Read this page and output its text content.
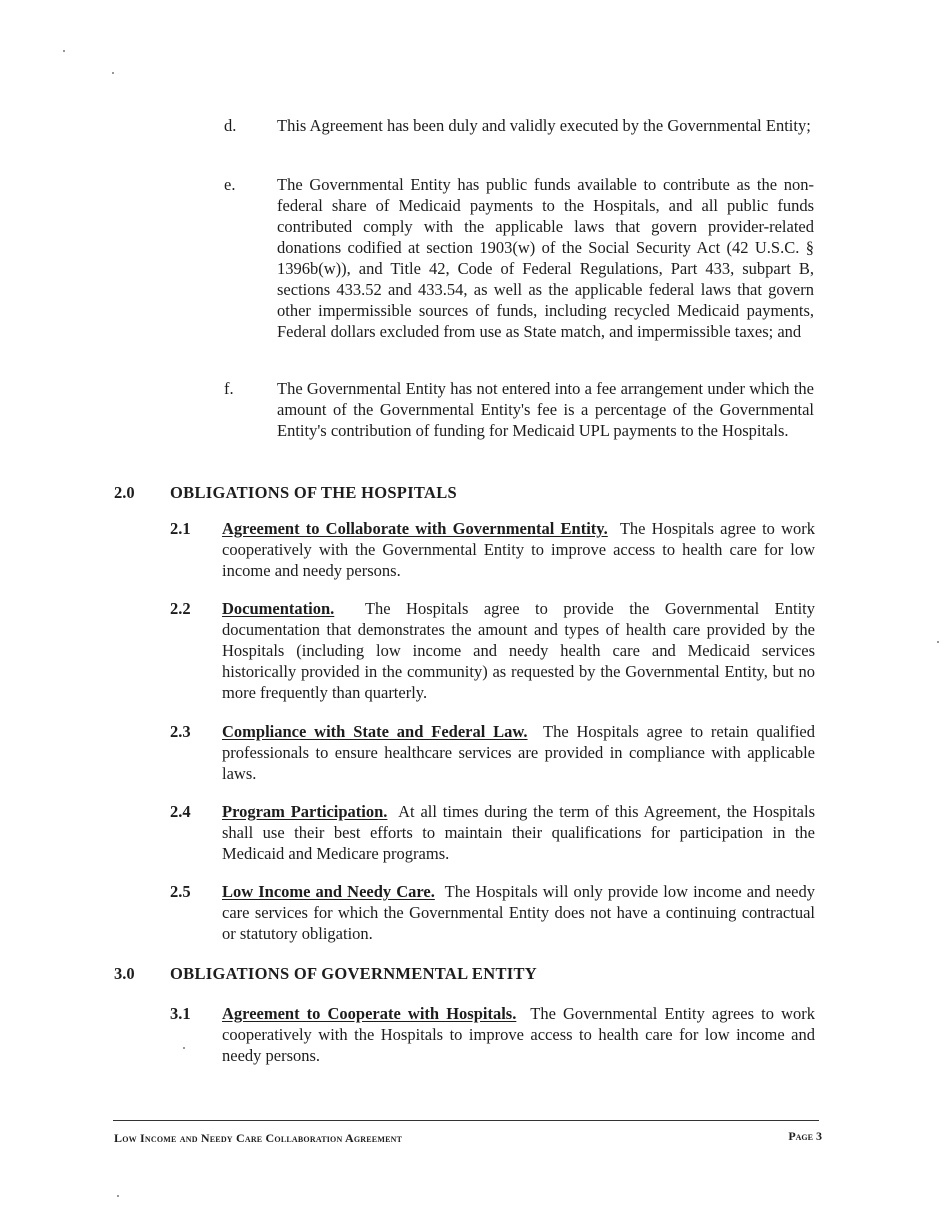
d. This Agreement has been duly and validly executed by the Governmental Entity;
e.	The Governmental Entity has public funds available to contribute as the non-federal share of Medicaid payments to the Hospitals, and all public funds contributed comply with the applicable laws that govern provider-related donations codified at section 1903(w) of the Social Security Act (42 U.S.C. § 1396b(w)), and Title 42, Code of Federal Regulations, Part 433, subpart B, sections 433.52 and 433.54, as well as the applicable federal laws that govern other impermissible sources of funds, including recycled Medicaid payments, Federal dollars excluded from use as State match, and impermissible taxes; and
f.	The Governmental Entity has not entered into a fee arrangement under which the amount of the Governmental Entity's fee is a percentage of the Governmental Entity's contribution of funding for Medicaid UPL payments to the Hospitals.
2.0 OBLIGATIONS OF THE HOSPITALS
2.1 Agreement to Collaborate with Governmental Entity. The Hospitals agree to work cooperatively with the Governmental Entity to improve access to health care for low income and needy persons.
2.2 Documentation. The Hospitals agree to provide the Governmental Entity documentation that demonstrates the amount and types of health care provided by the Hospitals (including low income and needy health care and Medicaid services historically provided in the community) as requested by the Governmental Entity, but no more frequently than quarterly.
2.3 Compliance with State and Federal Law. The Hospitals agree to retain qualified professionals to ensure healthcare services are provided in compliance with applicable laws.
2.4 Program Participation. At all times during the term of this Agreement, the Hospitals shall use their best efforts to maintain their qualifications for participation in the Medicaid and Medicare programs.
2.5 Low Income and Needy Care. The Hospitals will only provide low income and needy care services for which the Governmental Entity does not have a continuing contractual or statutory obligation.
3.0 OBLIGATIONS OF GOVERNMENTAL ENTITY
3.1 Agreement to Cooperate with Hospitals. The Governmental Entity agrees to work cooperatively with the Hospitals to improve access to health care for low income and needy persons.
Low Income and Needy Care Collaboration Agreement	Page 3
